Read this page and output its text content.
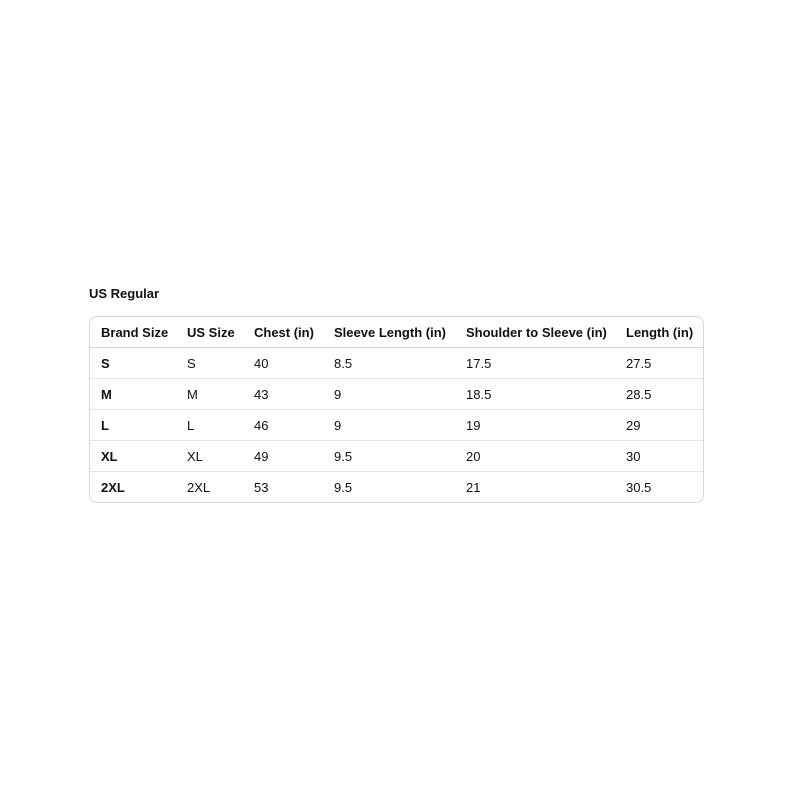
US Regular
Brand Size	US Size	Chest (in)	Sleeve Length (in)	Shoulder to Sleeve (in)	Length (in)
S	S	40	8.5	17.5	27.5
M	M	43	9	18.5	28.5
L	L	46	9	19	29
XL	XL	49	9.5	20	30
2XL	2XL	53	9.5	21	30.5
